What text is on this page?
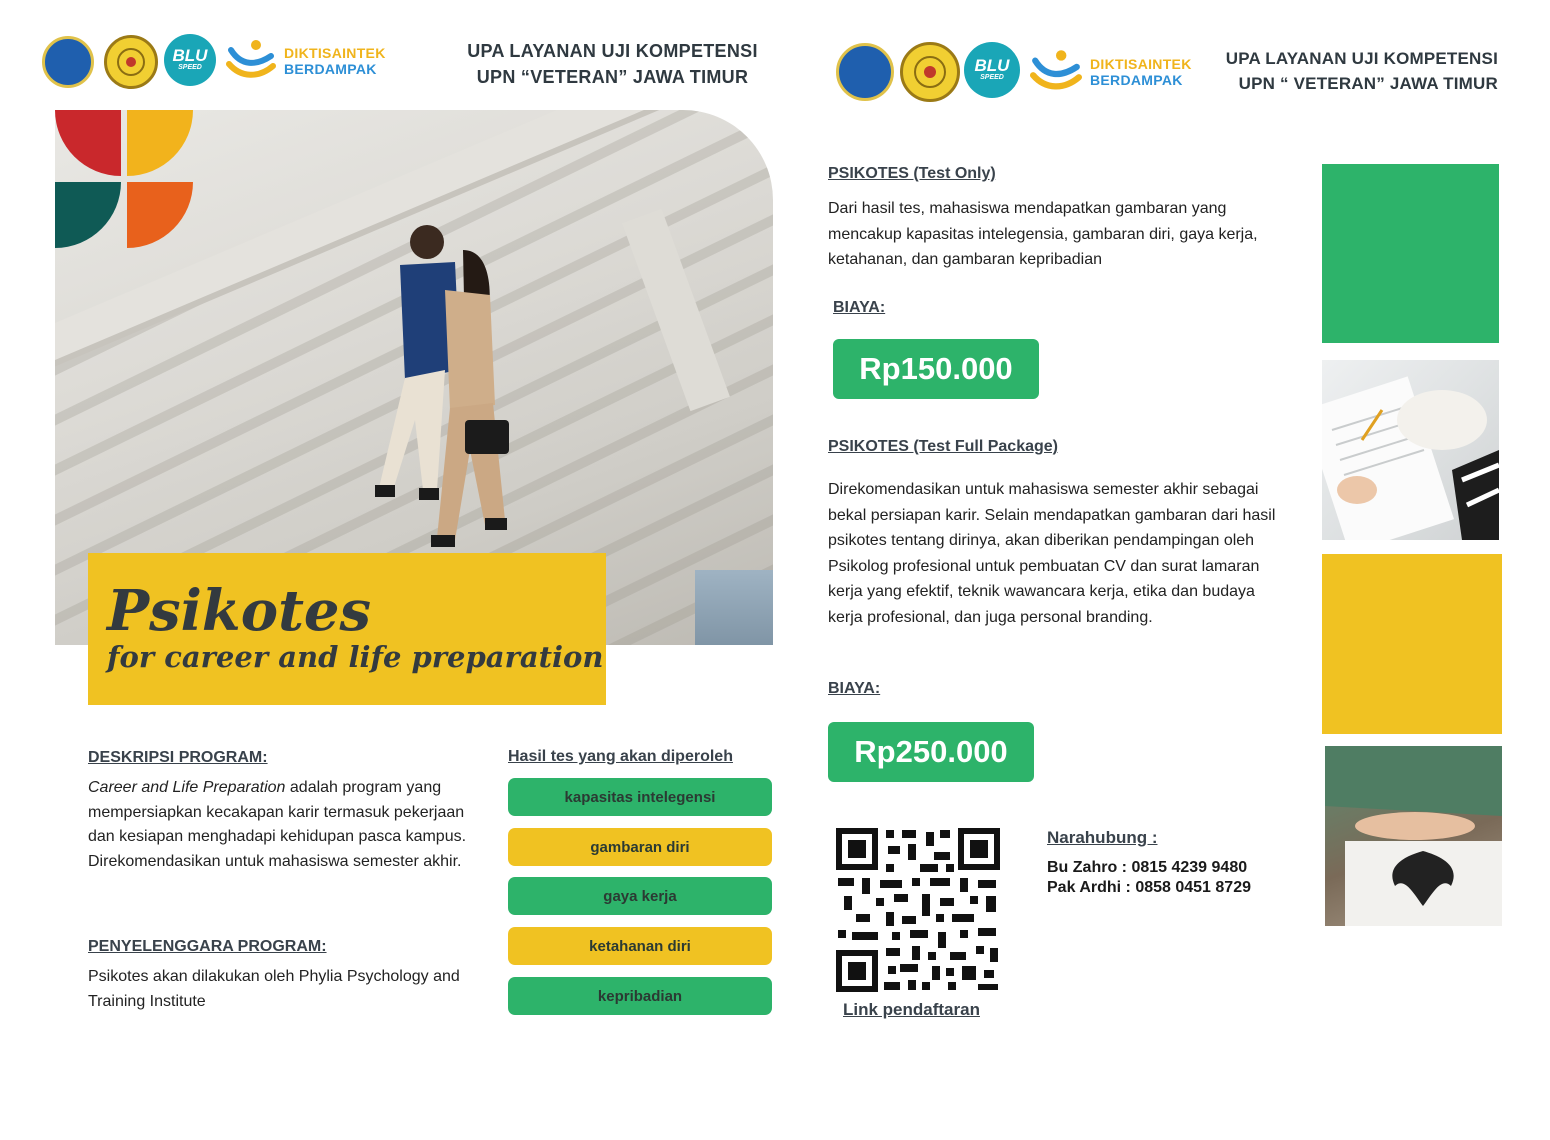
BLU
SPEED
DIKTISAINTEK
BERDAMPAK
UPA LAYANAN UJI KOMPETENSI
UPN “VETERAN” JAWA TIMUR
Psikotes
for career and life preparation
DESKRIPSI PROGRAM:
Career and Life Preparation adalah program yang mempersiapkan kecakapan karir termasuk pekerjaan dan kesiapan menghadapi kehidupan pasca kampus. Direkomendasikan untuk mahasiswa semester akhir.
PENYELENGGARA PROGRAM:
Psikotes akan dilakukan oleh Phylia Psychology and Training Institute
Hasil tes yang akan diperoleh
kapasitas intelegensi
gambaran diri
gaya kerja
ketahanan diri
kepribadian
BLU
SPEED
DIKTISAINTEK
BERDAMPAK
UPA LAYANAN UJI KOMPETENSI
UPN “ VETERAN” JAWA TIMUR
PSIKOTES (Test Only)
Dari hasil tes, mahasiswa mendapatkan gambaran yang mencakup kapasitas intelegensia, gambaran diri, gaya kerja, ketahanan, dan gambaran kepribadian
BIAYA:
Rp150.000
PSIKOTES (Test Full Package)
Direkomendasikan untuk mahasiswa semester akhir sebagai bekal persiapan karir. Selain mendapatkan gambaran dari hasil psikotes tentang dirinya, akan diberikan pendampingan oleh Psikolog profesional untuk pembuatan CV dan surat lamaran kerja yang efektif, teknik wawancara kerja, etika dan budaya kerja profesional, dan juga personal branding.
BIAYA:
Rp250.000
Link pendaftaran
Narahubung :
Bu Zahro : 0815 4239 9480
Pak Ardhi : 0858 0451 8729
